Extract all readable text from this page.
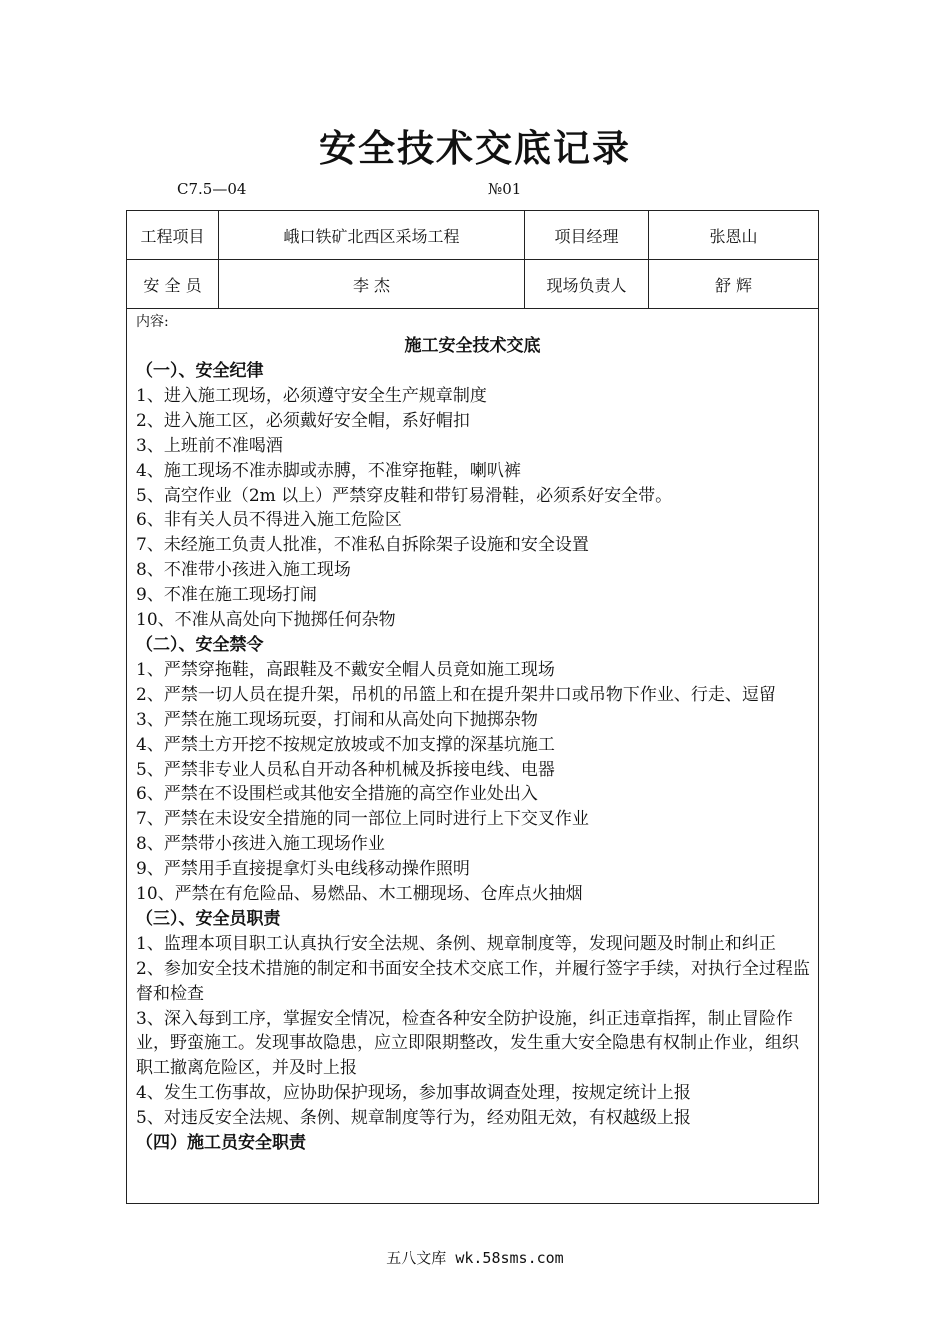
安全技术交底记录
C7.5—04	№01
工程项目	峨口铁矿北西区采场工程	项目经理	张恩山
安 全 员	李 杰	现场负责人	舒 辉
内容:
施工安全技术交底

（一）、安全纪律

1、进入施工现场，必须遵守安全生产规章制度

2、进入施工区，必须戴好安全帽，系好帽扣

3、上班前不准喝酒

4、施工现场不准赤脚或赤膊，不准穿拖鞋，喇叭裤

5、高空作业（2m 以上）严禁穿皮鞋和带钉易滑鞋，必须系好安全带。

6、非有关人员不得进入施工危险区

7、未经施工负责人批准，不准私自拆除架子设施和安全设置

8、不准带小孩进入施工现场

9、不准在施工现场打闹

10、不准从高处向下抛掷任何杂物

（二）、安全禁令

1、严禁穿拖鞋，高跟鞋及不戴安全帽人员竟如施工现场

2、严禁一切人员在提升架，吊机的吊篮上和在提升架井口或吊物下作业、行走、逗留

3、严禁在施工现场玩耍，打闹和从高处向下抛掷杂物

4、严禁土方开挖不按规定放坡或不加支撑的深基坑施工

5、严禁非专业人员私自开动各种机械及拆接电线、电器

6、严禁在不设围栏或其他安全措施的高空作业处出入

7、严禁在未设安全措施的同一部位上同时进行上下交叉作业

8、严禁带小孩进入施工现场作业

9、严禁用手直接提拿灯头电线移动操作照明

10、严禁在有危险品、易燃品、木工棚现场、仓库点火抽烟

（三）、安全员职责

1、监理本项目职工认真执行安全法规、条例、规章制度等，发现问题及时制止和纠正

2、参加安全技术措施的制定和书面安全技术交底工作，并履行签字手续，对执行全过程监督和检查

3、深入每到工序，掌握安全情况，检查各种安全防护设施，纠正违章指挥，制止冒险作业，野蛮施工。发现事故隐患，应立即限期整改，发生重大安全隐患有权制止作业，组织职工撤离危险区，并及时上报

4、发生工伤事故，应协助保护现场，参加事故调查处理，按规定统计上报

5、对违反安全法规、条例、规章制度等行为，经劝阻无效，有权越级上报

（四）施工员安全职责

五八文库 wk.58sms.com
